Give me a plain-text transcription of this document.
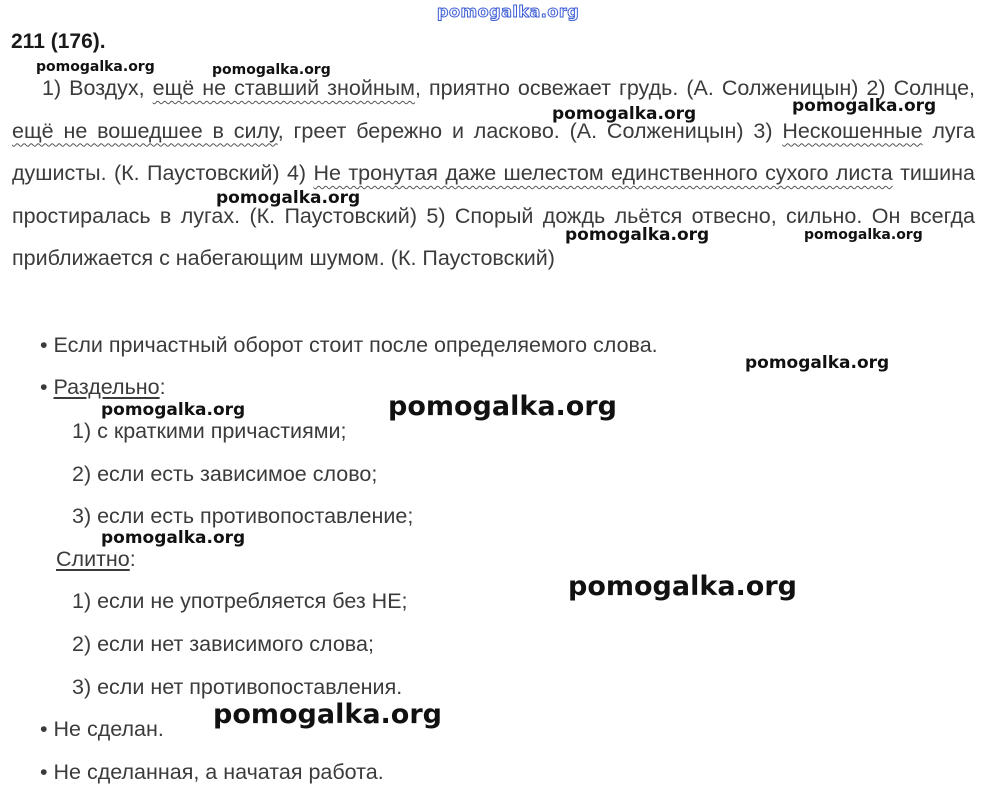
pomogalka.org
211 (176).
1) Воздух, ещё не ставший знойным, приятно освежает грудь. (А. Солженицын) 2) Солнце, ещё не вошедшее в силу, греет бережно и ласково. (А. Солженицын) 3) Нескошенные луга душисты. (К. Паустовский) 4) Не тронутая даже шелестом единственного сухого листа тишина простиралась в лугах. (К. Паустовский) 5) Спорый дождь льётся отвесно, сильно. Он всегда приближается с набегающим шумом. (К. Паустовский)
• Если причастный оборот стоит после определяемого слова.
• Раздельно:
1) с краткими причастиями;
2) если есть зависимое слово;
3) если есть противопоставление;
Слитно:
1) если не употребляется без НЕ;
2) если нет зависимого слова;
3) если нет противопоставления.
• Не сделан.
• Не сделанная, а начатая работа.
pomogalka.org	pomogalka.org
pomogalka.org	pomogalka.org
pomogalka.org
pomogalka.org	pomogalka.org
pomogalka.org
pomogalka.org	pomogalka.org
pomogalka.org
pomogalka.org
pomogalka.org
